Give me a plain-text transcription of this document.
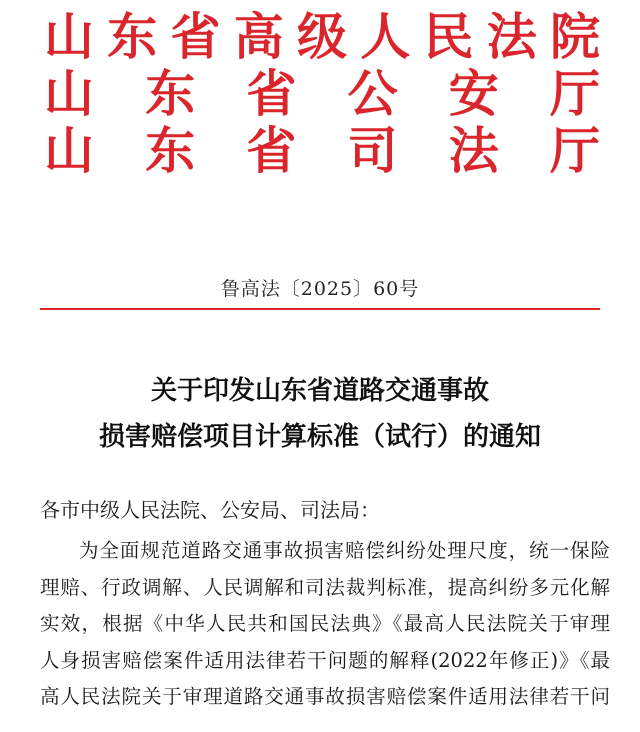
山 东 省 高 级 人 民 法 院
山 东 省 公 安 厅
山 东 省 司 法 厅
鲁高法〔2025〕60号
关于印发山东省道路交通事故
损害赔偿项目计算标准（试行）的通知
各市中级人民法院、公安局、司法局：
为全面规范道路交通事故损害赔偿纠纷处理尺度，统一保险
理赔、行政调解、人民调解和司法裁判标准，提高纠纷多元化解
实效，根据《中华人民共和国民法典》《最高人民法院关于审理
人身损害赔偿案件适用法律若干问题的解释(2022年修正)》《最
高人民法院关于审理道路交通事故损害赔偿案件适用法律若干问
